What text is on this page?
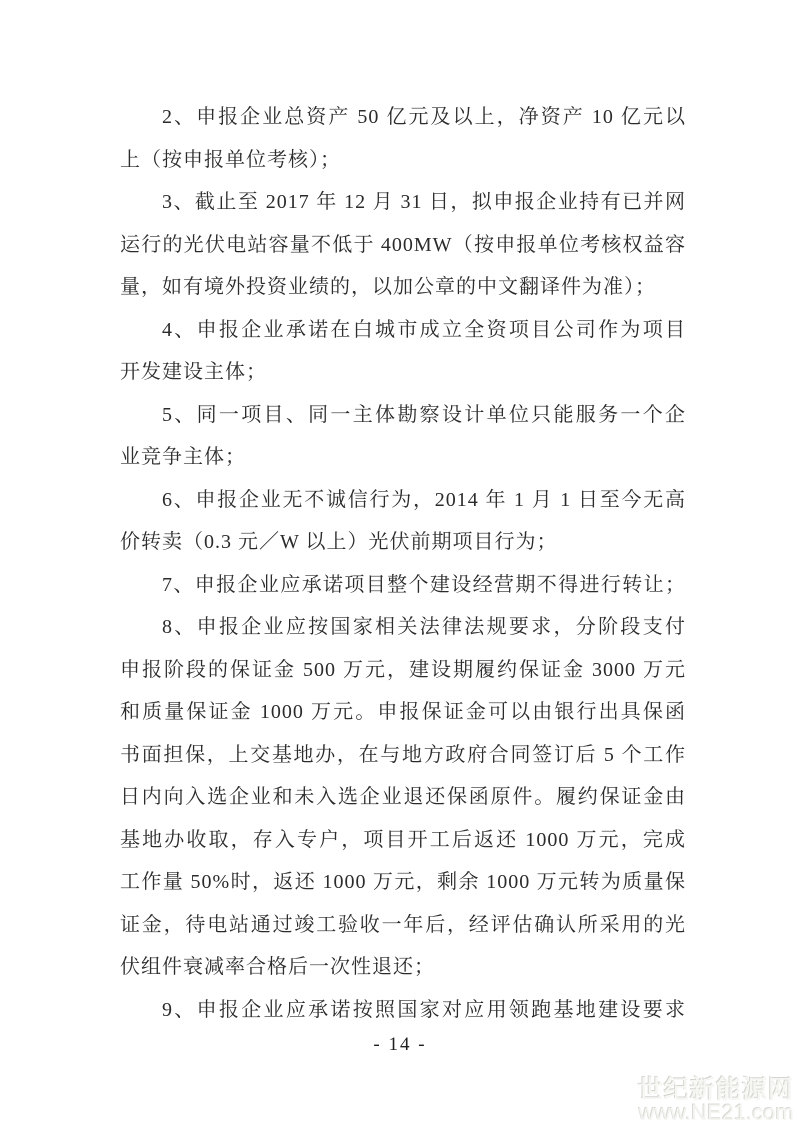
2、申报企业总资产 50 亿元及以上，净资产 10 亿元以
上（按申报单位考核）；
3、截止至 2017 年 12 月 31 日，拟申报企业持有已并网
运行的光伏电站容量不低于 400MW（按申报单位考核权益容
量，如有境外投资业绩的，以加公章的中文翻译件为准）；
4、申报企业承诺在白城市成立全资项目公司作为项目
开发建设主体；
5、同一项目、同一主体勘察设计单位只能服务一个企
业竞争主体；
6、申报企业无不诚信行为，2014 年 1 月 1 日至今无高
价转卖（0.3 元／W 以上）光伏前期项目行为；
7、申报企业应承诺项目整个建设经营期不得进行转让；
8、申报企业应按国家相关法律法规要求，分阶段支付
申报阶段的保证金 500 万元，建设期履约保证金 3000 万元
和质量保证金 1000 万元。申报保证金可以由银行出具保函
书面担保，上交基地办，在与地方政府合同签订后 5 个工作
日内向入选企业和未入选企业退还保函原件。履约保证金由
基地办收取，存入专户，项目开工后返还 1000 万元，完成
工作量 50%时，返还 1000 万元，剩余 1000 万元转为质量保
证金，待电站通过竣工验收一年后，经评估确认所采用的光
伏组件衰减率合格后一次性退还；
9、申报企业应承诺按照国家对应用领跑基地建设要求
- 14 -
世纪新能源网
www.NE21.com
